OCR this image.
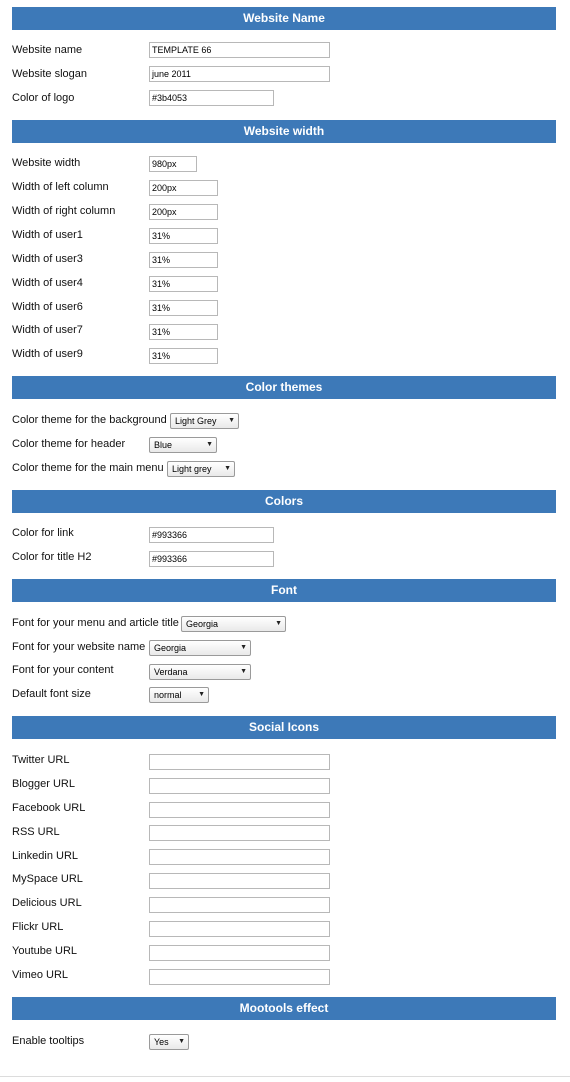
Website Name
Website name	TEMPLATE 66
Website slogan	june 2011
Color of logo	#3b4053
Website width
Website width	980px
Width of left column	200px
Width of right column	200px
Width of user1	31%
Width of user3	31%
Width of user4	31%
Width of user6	31%
Width of user7	31%
Width of user9	31%
Color themes
Color theme for the background Light Grey ▼
Color theme for header	Blue	▼
Color theme for the main menu Light grey ▼
Colors
Color for link	#993366
Color for title H2	#993366
Font
Font for your menu and article title Georgia	▼
Font for your website name Georgia	▼
Font for your content	Verdana	▼
Default font size	normal ▼
Social Icons
Twitter URL
Blogger URL
Facebook URL
RSS URL
Linkedin URL
MySpace URL
Delicious URL
Flickr URL
Youtube URL
Vimeo URL
Mootools effect
Enable tooltips	Yes ▼
